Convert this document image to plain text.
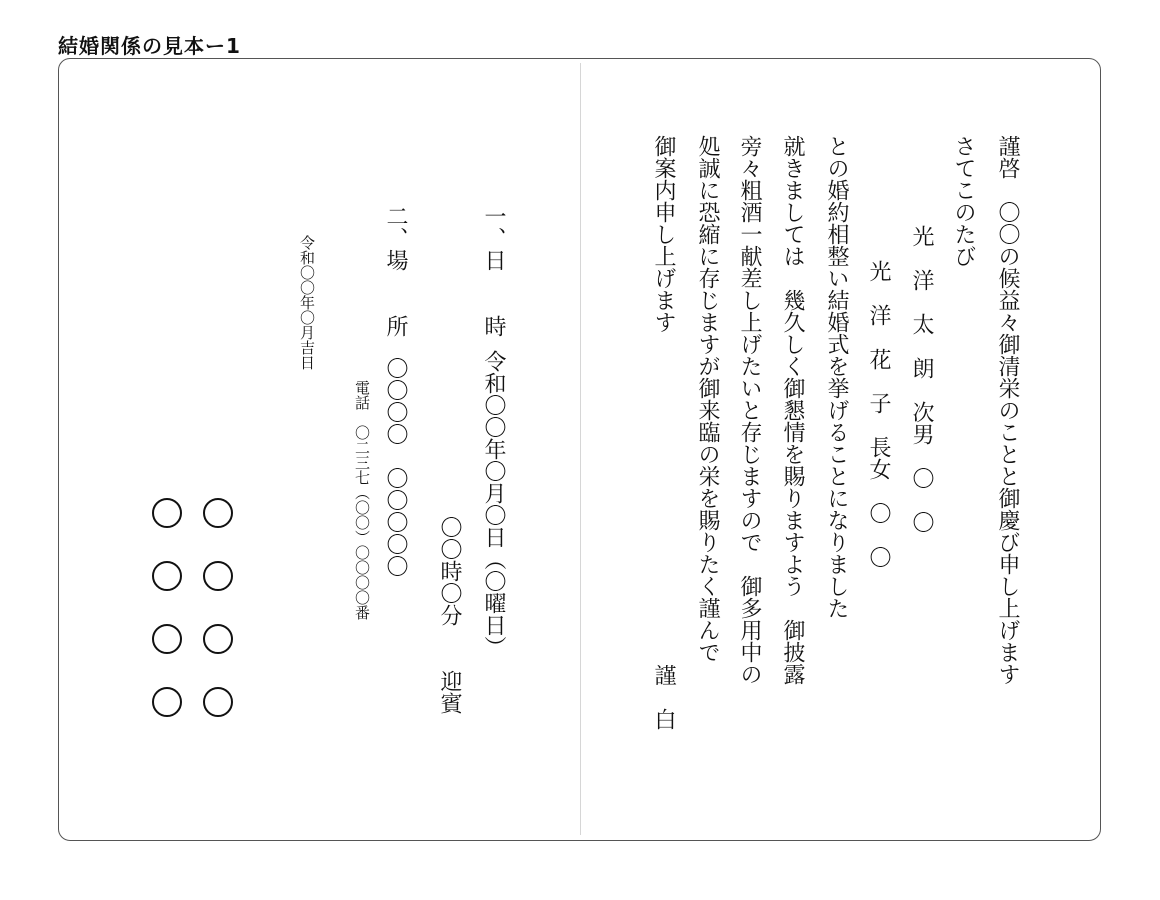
結婚関係の見本ー1
謹啓　〇〇の候益々御清栄のことと御慶び申し上げます
さてこのたび
光　洋　太　朗　次男　〇　〇
光　洋　花　子　長女　〇　〇
との婚約相整い結婚式を挙げることになりました
就きましては　幾久しく御懇情を賜りますよう　御披露
旁々粗酒一献差し上げたいと存じますので　御多用中の
処誠に恐縮に存じますが御来臨の栄を賜りたく謹んで
御案内申し上げます
謹　白
一、日　　時
令和〇〇年〇月〇日（〇曜日）
〇〇時〇分　　迎賓
二、場　　所
〇〇〇〇　〇〇〇〇〇
電話　〇二三七（〇〇）〇〇〇〇番
令和〇〇年〇月吉日
